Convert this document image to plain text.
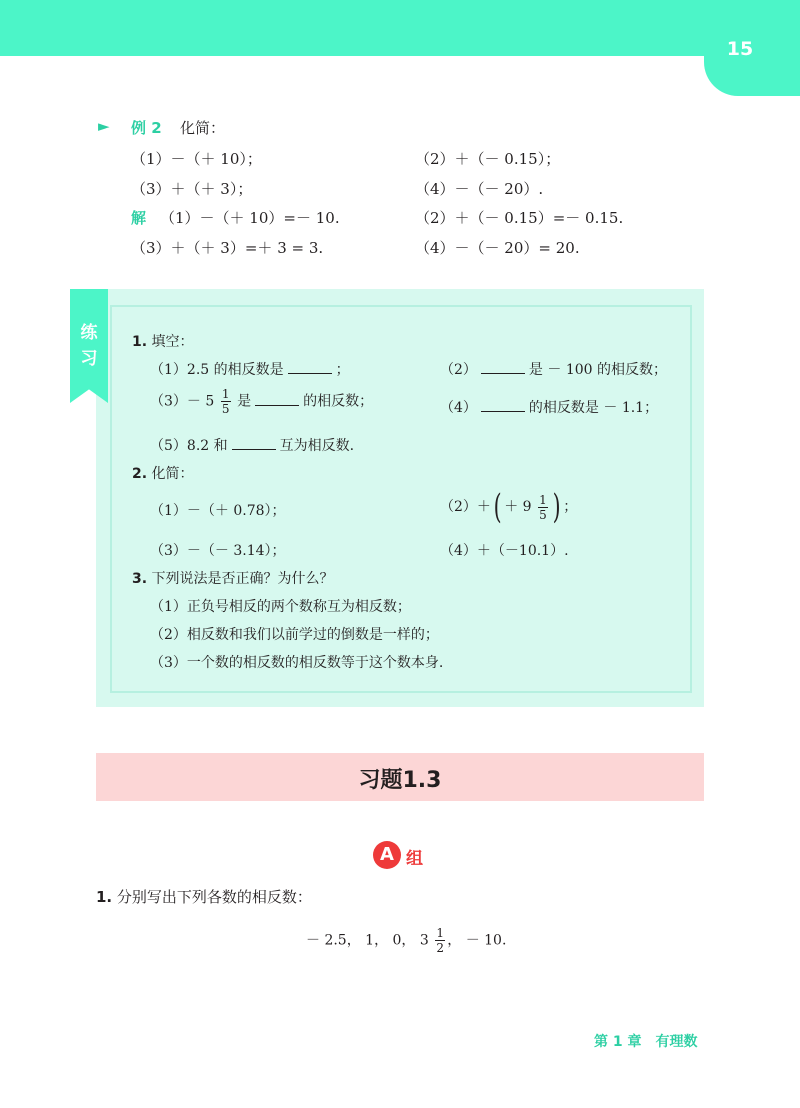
15
► 例 2 化简：
（1）－（＋ 10）；	（2）＋（－ 0.15）；
（3）＋（＋ 3）；	（4）－（－ 20）.
解 （1）－（＋ 10）=－ 10.	（2）＋（－ 0.15）=－ 0.15.
（3）＋（＋ 3）=＋ 3 = 3.	（4）－（－ 20）= 20.
练
习
1. 填空：
（1）2.5 的相反数是	；	（2）	是 － 100 的相反数；
$(3)- 5 \frac{1}{5}$ 是	的相反数；	（4）	的相反数是 － 1.1；
（5）8.2 和	互为相反数.
2. 化简：
（1）－（＋ 0.78）；	$(2)+( + 9 \frac{1}{5}$ ) ；
（3）－（－ 3.14）；	（4）＋（－10.1）.
3. 下列说法是否正确？为什么？
（1）正负号相反的两个数称互为相反数；
（2）相反数和我们以前学过的倒数是一样的；
（3）一个数的相反数的相反数等于这个数本身.
习题1.3
A 组
1. 分别写出下列各数的相反数：
－ 2.5， 1， 0， $3 \frac{1}{2}$ ， － 10.
第 1 章　有理数
